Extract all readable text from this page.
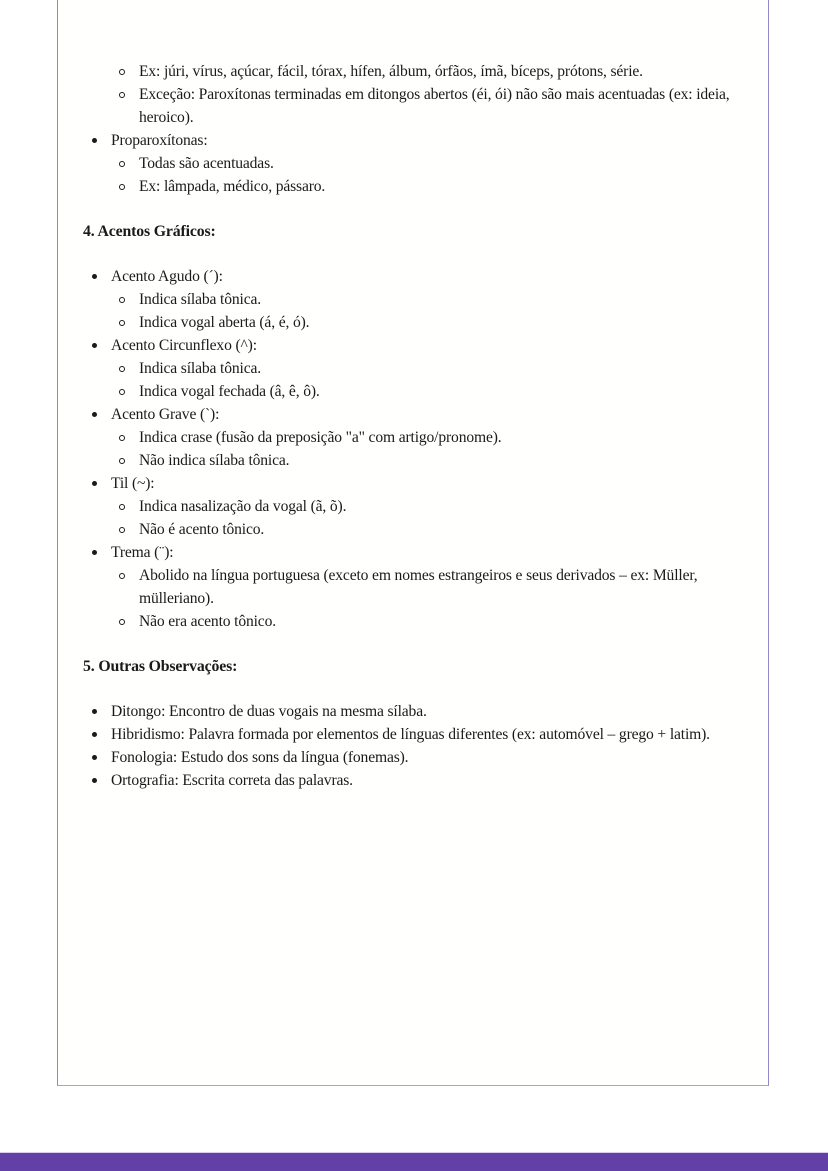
Ex: júri, vírus, açúcar, fácil, tórax, hífen, álbum, órfãos, ímã, bíceps, prótons, série.
Exceção: Paroxítonas terminadas em ditongos abertos (éi, ói) não são mais acentuadas (ex: ideia, heroico).
Proparoxítonas:
Todas são acentuadas.
Ex: lâmpada, médico, pássaro.

4. Acentos Gráficos:

Acento Agudo (´):
Indica sílaba tônica.
Indica vogal aberta (á, é, ó).
Acento Circunflexo (^):
Indica sílaba tônica.
Indica vogal fechada (â, ê, ô).
Acento Grave (`):
Indica crase (fusão da preposição "a" com artigo/pronome).
Não indica sílaba tônica.
Til (~):
Indica nasalização da vogal (ã, õ).
Não é acento tônico.
Trema (¨):
Abolido na língua portuguesa (exceto em nomes estrangeiros e seus derivados – ex: Müller, mülleriano).
Não era acento tônico.

5. Outras Observações:

Ditongo: Encontro de duas vogais na mesma sílaba.
Hibridismo: Palavra formada por elementos de línguas diferentes (ex: automóvel – grego + latim).
Fonologia: Estudo dos sons da língua (fonemas).
Ortografia: Escrita correta das palavras.
